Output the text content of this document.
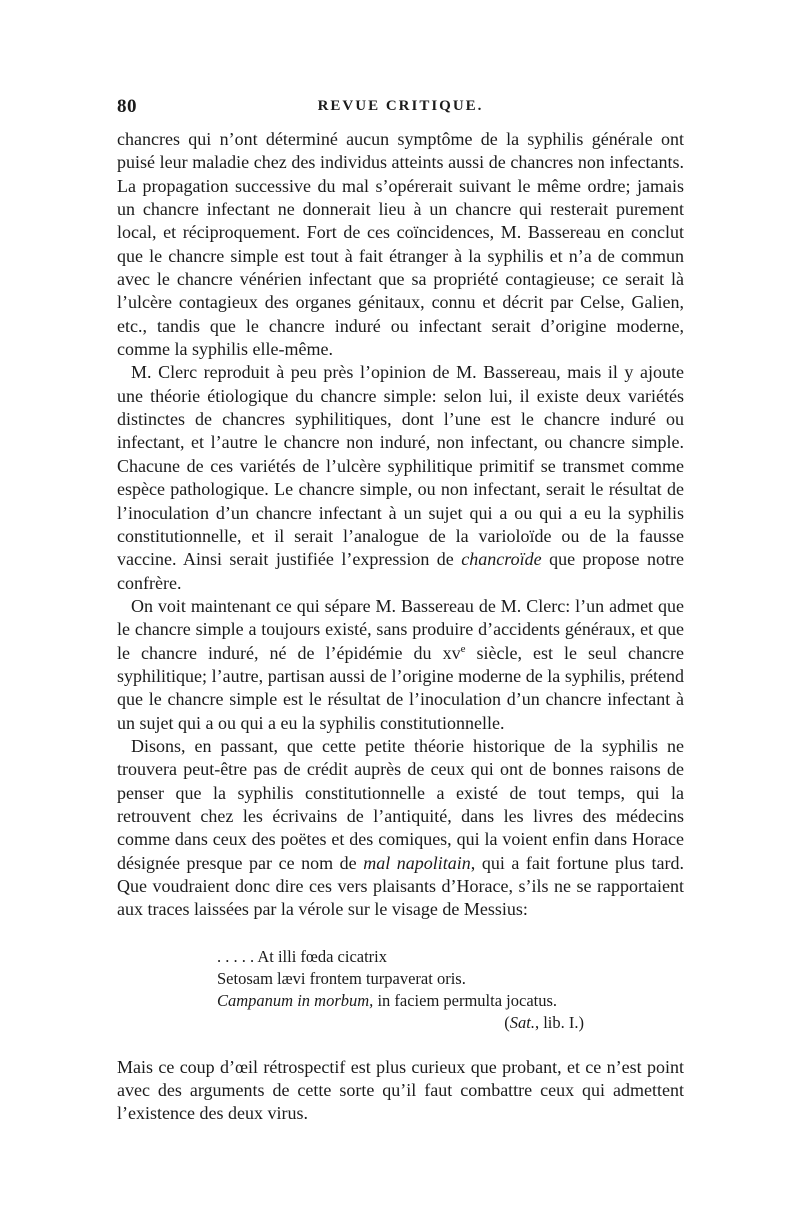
80	REVUE CRITIQUE.

chancres qui n’ont déterminé aucun symptôme de la syphilis générale ont puisé leur maladie chez des individus atteints aussi de chancres non infectants. La propagation successive du mal s’opérerait suivant le même ordre; jamais un chancre infectant ne donnerait lieu à un chancre qui resterait purement local, et réciproquement. Fort de ces coïncidences, M. Bassereau en conclut que le chancre simple est tout à fait étranger à la syphilis et n’a de commun avec le chancre vénérien infectant que sa propriété contagieuse; ce serait là l’ulcère contagieux des organes génitaux, connu et décrit par Celse, Galien, etc., tandis que le chancre induré ou infectant serait d’origine moderne, comme la syphilis elle-même.

M. Clerc reproduit à peu près l’opinion de M. Bassereau, mais il y ajoute une théorie étiologique du chancre simple: selon lui, il existe deux variétés distinctes de chancres syphilitiques, dont l’une est le chancre induré ou infectant, et l’autre le chancre non induré, non infectant, ou chancre simple. Chacune de ces variétés de l’ulcère syphilitique primitif se transmet comme espèce pathologique. Le chancre simple, ou non infectant, serait le résultat de l’inoculation d’un chancre infectant à un sujet qui a ou qui a eu la syphilis constitutionnelle, et il serait l’analogue de la varioloïde ou de la fausse vaccine. Ainsi serait justifiée l’expression de chancroïde que propose notre confrère.

On voit maintenant ce qui sépare M. Bassereau de M. Clerc: l’un admet que le chancre simple a toujours existé, sans produire d’accidents généraux, et que le chancre induré, né de l’épidémie du $xv^e$ siècle, est le seul chancre syphilitique; l’autre, partisan aussi de l’origine moderne de la syphilis, prétend que le chancre simple est le résultat de l’inoculation d’un chancre infectant à un sujet qui a ou qui a eu la syphilis constitutionnelle.

Disons, en passant, que cette petite théorie historique de la syphilis ne trouvera peut-être pas de crédit auprès de ceux qui ont de bonnes raisons de penser que la syphilis constitutionnelle a existé de tout temps, qui la retrouvent chez les écrivains de l’antiquité, dans les livres des médecins comme dans ceux des poëtes et des comiques, qui la voient enfin dans Horace désignée presque par ce nom de mal napolitain, qui a fait fortune plus tard. Que voudraient donc dire ces vers plaisants d’Horace, s’ils ne se rapportaient aux traces laissées par la vérole sur le visage de Messius:

. . . . . At illi fœda cicatrix
Setosam lævi frontem turpaverat oris.
Campanum in morbum, in faciem permulta jocatus.
(Sat., lib. I.)

Mais ce coup d’œil rétrospectif est plus curieux que probant, et ce n’est point avec des arguments de cette sorte qu’il faut combattre ceux qui admettent l’existence des deux virus.
